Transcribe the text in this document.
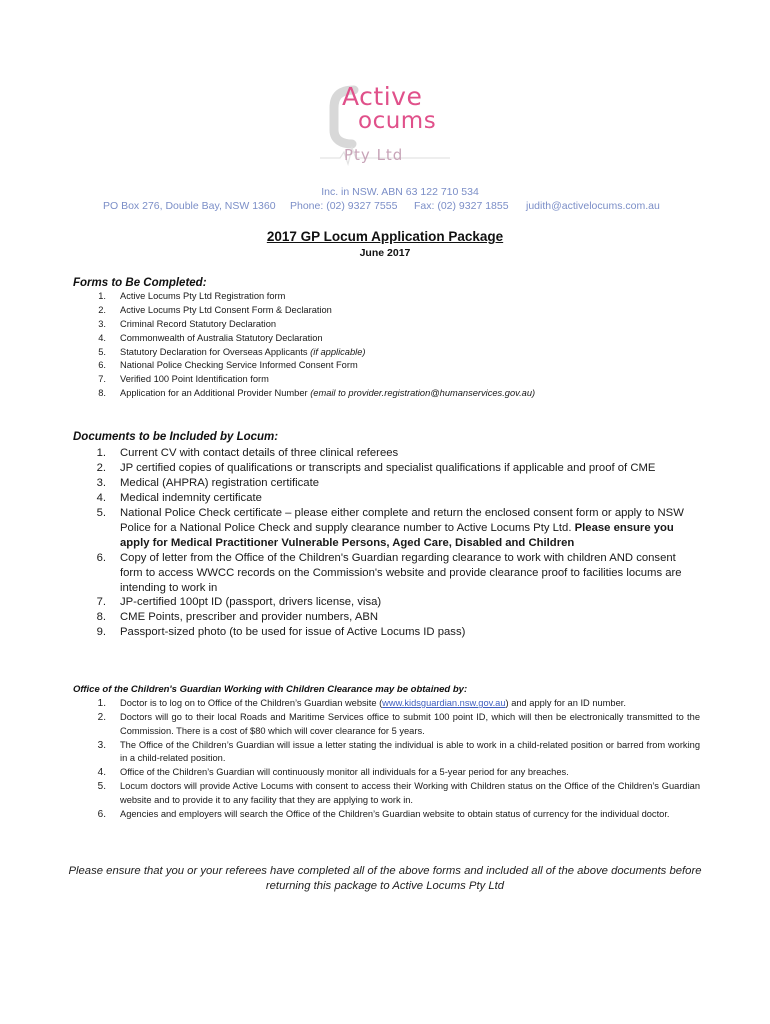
Active
ocums
Pty Ltd
Inc. in NSW. ABN 63 122 710 534
PO Box 276, Double Bay, NSW 1360 Phone: (02) 9327 7555 Fax: (02) 9327 1855 judith@activelocums.com.au
2017 GP Locum Application Package
June 2017
Forms to Be Completed:
1. Active Locums Pty Ltd Registration form
2. Active Locums Pty Ltd Consent Form & Declaration
3. Criminal Record Statutory Declaration
4. Commonwealth of Australia Statutory Declaration
5. Statutory Declaration for Overseas Applicants (if applicable)
6. National Police Checking Service Informed Consent Form
7. Verified 100 Point Identification form
8. Application for an Additional Provider Number (email to provider.registration@humanservices.gov.au)
Documents to be Included by Locum:
1. Current CV with contact details of three clinical referees
2. JP certified copies of qualifications or transcripts and specialist qualifications if applicable and proof of CME
3. Medical (AHPRA) registration certificate
4. Medical indemnity certificate
5. National Police Check certificate – please either complete and return the enclosed consent form or apply to NSW Police for a National Police Check and supply clearance number to Active Locums Pty Ltd. Please ensure you apply for Medical Practitioner Vulnerable Persons, Aged Care, Disabled and Children
6. Copy of letter from the Office of the Children's Guardian regarding clearance to work with children AND consent form to access WWCC records on the Commission's website and provide clearance proof to facilities locums are intending to work in
7. JP-certified 100pt ID (passport, drivers license, visa)
8. CME Points, prescriber and provider numbers, ABN
9. Passport-sized photo (to be used for issue of Active Locums ID pass)
Office of the Children's Guardian Working with Children Clearance may be obtained by:
1. Doctor is to log on to Office of the Children’s Guardian website (www.kidsguardian.nsw.gov.au) and apply for an ID number.
2. Doctors will go to their local Roads and Maritime Services office to submit 100 point ID, which will then be electronically transmitted to the Commission. There is a cost of $80 which will cover clearance for 5 years.
3. The Office of the Children’s Guardian will issue a letter stating the individual is able to work in a child-related position or barred from working in a child-related position.
4. Office of the Children’s Guardian will continuously monitor all individuals for a 5-year period for any breaches.
5. Locum doctors will provide Active Locums with consent to access their Working with Children status on the Office of the Children’s Guardian website and to provide it to any facility that they are applying to work in.
6. Agencies and employers will search the Office of the Children’s Guardian website to obtain status of currency for the individual doctor.
Please ensure that you or your referees have completed all of the above forms and included all of the above documents before returning this package to Active Locums Pty Ltd
